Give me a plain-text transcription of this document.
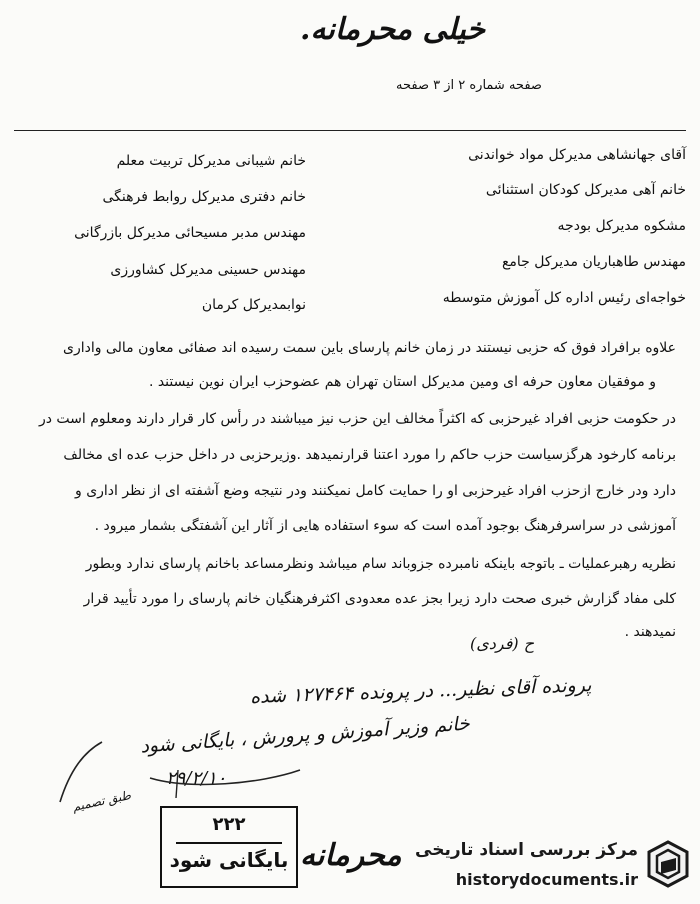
خیلی محرمانه.
صفحه شماره ۲ از ۳ صفحه
آقای جهانشاهی مدیرکل مواد خواندنی
خانم آهی مدیرکل کودکان استثنائی
مشکوه مدیرکل بودجه
مهندس طاهباریان مدیرکل جامع
خواجه‌ای رئیس اداره کل آموزش متوسطه
خانم شیبانی مدیرکل تربیت معلم
خانم دفتری مدیرکل روابط فرهنگی
مهندس مدبر مسیحائی مدیرکل بازرگانی
مهندس حسینی مدیرکل کشاورزی
نوابمدیرکل کرمان
علاوه برافراد فوق که حزبی نیستند در زمان خانم پارسای باین سمت رسیده اند صفائی معاون مالی واداری
و موفقیان معاون حرفه ای ومین مدیرکل استان تهران هم عضوحزب ایران نوین نیستند .
در حکومت حزبی افراد غیرحزبی که اکثراً مخالف این حزب نیز میباشند در رأس کار قرار دارند ومعلوم است در
برنامه کارخود هرگزسیاست حزب حاکم را مورد اعتنا قرارنمیدهد .وزیرحزبی در داخل حزب عده ای مخالف
دارد ودر خارج ازحزب افراد غیرحزبی او را حمایت کامل نمیکنند ودر نتیجه وضع آشفته ای از نظر اداری و
آموزشی در سراسرفرهنگ بوجود آمده است که سوء استفاده هایی از آثار این آشفتگی بشمار میرود .
نظریه رهبرعملیات ـ باتوجه باینکه نامبرده جزوباند سام میباشد ونظرمساعد باخانم پارسای ندارد وبطور
کلی مفاد گزارش خبری صحت دارد زیرا بجز عده معدودی اکثرفرهنگیان خانم پارسای را مورد تأیید قرار
نمیدهند .
ح (فردی)
پرونده آقای نظیر... در پرونده ۱۲۷۴۶۴ شده
خانم وزیر آموزش و پرورش ، بایگانی شود
۲۹/۲/۱۰
طبق تصمیم
۲۲۲
بایگانی شود محرمانه مرکز بررسی اسناد تاریخی
historydocuments.ir
